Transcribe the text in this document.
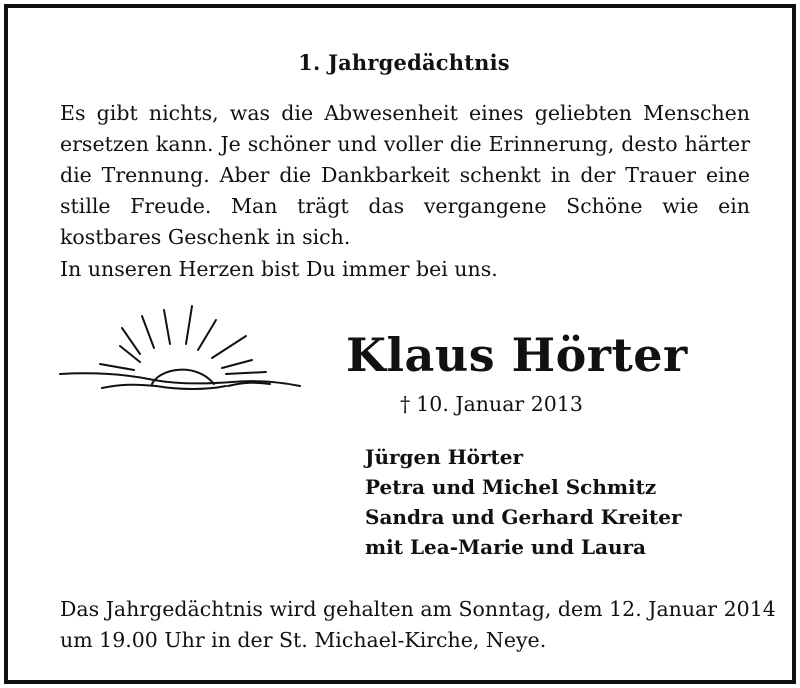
1. Jahrgedächtnis

Es gibt nichts, was die Abwesenheit eines geliebten Menschen ersetzen kann. Je schöner und voller die Erinnerung, desto härter die Trennung. Aber die Dankbarkeit schenkt in der Trauer eine stille Freude. Man trägt das vergangene Schöne wie ein kostbares Geschenk in sich.

In unseren Herzen bist Du immer bei uns.
Klaus Hörter
† 10. Januar 2013
Jürgen Hörter
Petra und Michel Schmitz
Sandra und Gerhard Kreiter
mit Lea-Marie und Laura

Das Jahrgedächtnis wird gehalten am Sonntag, dem 12. Januar 2014
um 19.00 Uhr in der St. Michael-Kirche, Neye.
